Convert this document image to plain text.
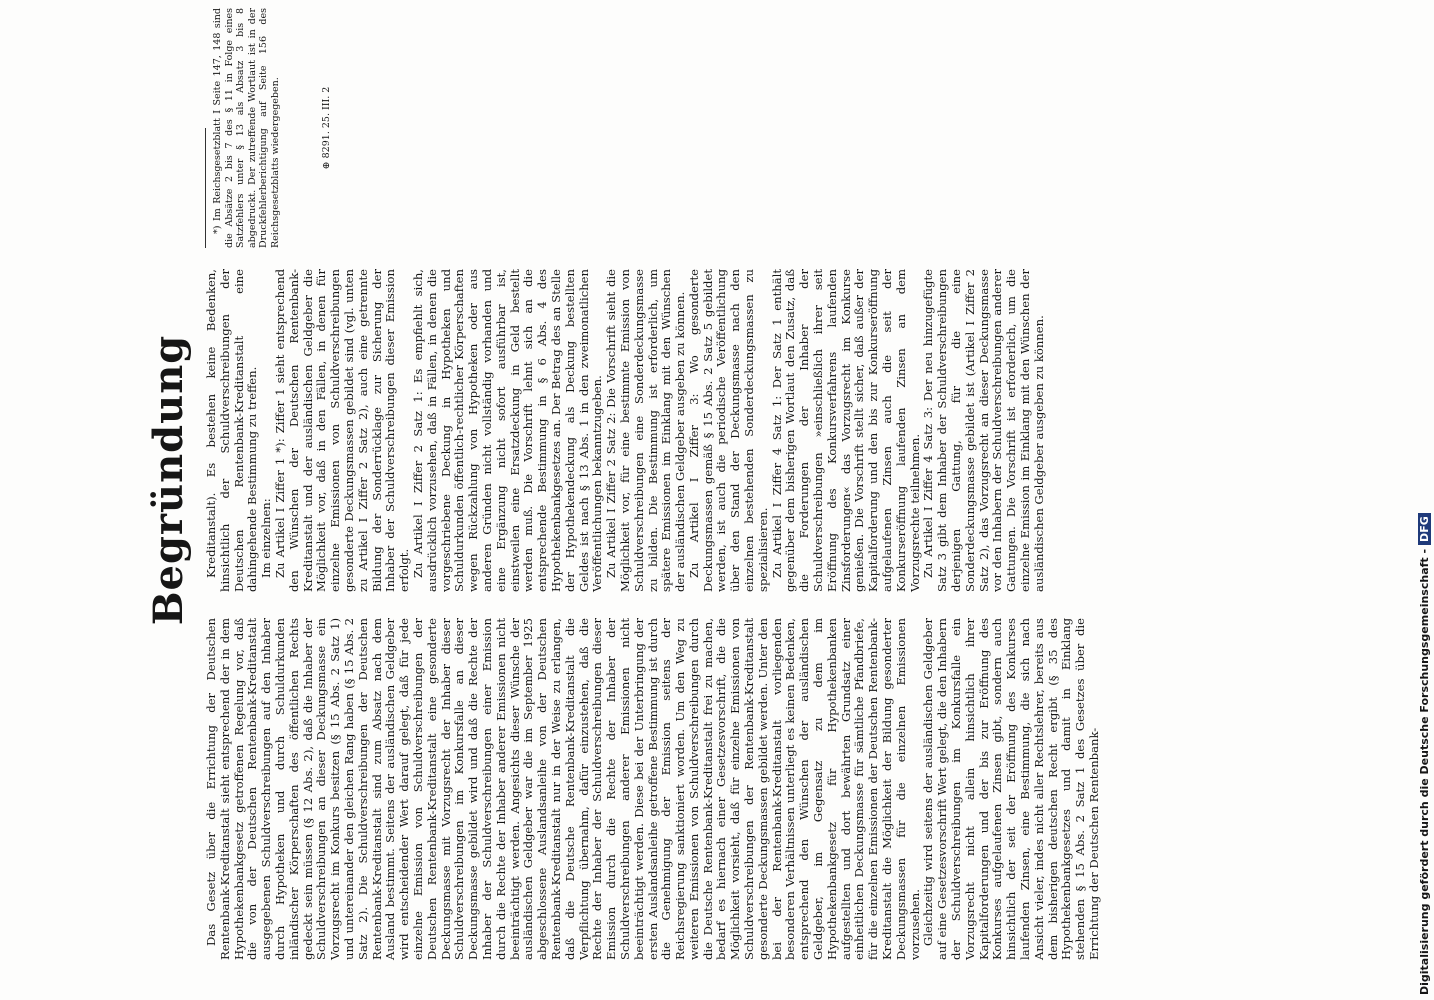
Begründung

Das Gesetz über die Errichtung der Deutschen Rentenbank-Kreditanstalt sieht entsprechend der in dem Hypothekenbankgesetz getroffenen Regelung vor, daß die von der Deutschen Rentenbank-Kreditanstalt ausgegebenen Schuldverschreibungen auf den Inhaber durch Hypotheken und durch Schuldurkunden inländischer Körperschaften des öffentlichen Rechts gedeckt sein müssen (§ 12 Abs. 2), daß die Inhaber der Schuldverschreibungen an dieser Deckungsmasse ein Vorzugsrecht im Konkurs besitzen (§ 15 Abs. 2 Satz 1) und untereinander den gleichen Rang haben (§ 15 Abs. 2 Satz 2). Die Schuldverschreibungen der Deutschen Rentenbank-Kreditanstalt sind zum Absatz nach dem Ausland bestimmt. Seitens der ausländischen Geldgeber wird entscheidender Wert darauf gelegt, daß für jede einzelne Emission von Schuldverschreibungen der Deutschen Rentenbank-Kreditanstalt eine gesonderte Deckungsmasse mit Vorzugsrecht der Inhaber dieser Schuldverschreibungen im Konkursfalle an dieser Deckungsmasse gebildet wird und daß die Rechte der Inhaber der Schuldverschreibungen einer Emission durch die Rechte der Inhaber anderer Emissionen nicht beeinträchtigt werden. Angesichts dieser Wünsche der ausländischen Geldgeber war die im September 1925 abgeschlossene Auslandsanleihe von der Deutschen Rentenbank-Kreditanstalt nur in der Weise zu erlangen, daß die Deutsche Rentenbank-Kreditanstalt die Verpflichtung übernahm, dafür einzustehen, daß die Rechte der Inhaber der Schuldverschreibungen dieser Emission durch die Rechte der Inhaber der Schuldverschreibungen anderer Emissionen nicht beeinträchtigt werden. Diese bei der Unterbringung der ersten Auslandsanleihe getroffene Bestimmung ist durch die Genehmigung der Emission seitens der Reichsregierung sanktioniert worden. Um den Weg zu weiteren Emissionen von Schuldverschreibungen durch die Deutsche Rentenbank-Kreditanstalt frei zu machen, bedarf es hiernach einer Gesetzesvorschrift, die die Möglichkeit vorsieht, daß für einzelne Emissionen von Schuldverschreibungen der Rentenbank-Kreditanstalt gesonderte Deckungsmassen gebildet werden. Unter den bei der Rentenbank-Kreditanstalt vorliegenden besonderen Verhältnissen unterliegt es keinen Bedenken, entsprechend den Wünschen der ausländischen Geldgeber, im Gegensatz zu dem im Hypothekenbankgesetz für Hypothekenbanken aufgestellten und dort bewährten Grundsatz einer einheitlichen Deckungsmasse für sämtliche Pfandbriefe, für die einzelnen Emissionen der Deutschen Rentenbank-Kreditanstalt die Möglichkeit der Bildung gesonderter Deckungsmassen für die einzelnen Emissionen vorzusehen. Gleichzeitig wird seitens der ausländischen Geldgeber auf eine Gesetzesvorschrift Wert gelegt, die den Inhabern der Schuldverschreibungen im Konkursfalle ein Vorzugsrecht nicht allein hinsichtlich ihrer Kapitalforderungen und der bis zur Eröffnung des Konkurses aufgelaufenen Zinsen gibt, sondern auch hinsichtlich der seit der Eröffnung des Konkurses laufenden Zinsen, eine Bestimmung, die sich nach Ansicht vieler, indes nicht aller Rechtslehrer, bereits aus dem bisherigen deutschen Recht ergibt (§ 35 des Hypothekenbankgesetzes und damit in Einklang stehenden § 15 Abs. 2 Satz 1 des Gesetzes über die Errichtung der Deutschen Rentenbank-

Kreditanstalt). Es bestehen keine Bedenken, hinsichtlich der Schuldverschreibungen der Deutschen Rentenbank-Kreditanstalt eine dahingehende Bestimmung zu treffen. Im einzelnen: Zu Artikel I Ziffer 1 *): Ziffer 1 sieht entsprechend den Wünschen der Deutschen Rentenbank-Kreditanstalt und der ausländischen Geldgeber die Möglichkeit vor, daß in den Fällen, in denen für einzelne Emissionen von Schuldverschreibungen gesonderte Deckungsmassen gebildet sind (vgl. unten zu Artikel I Ziffer 2 Satz 2), auch eine getrennte Bildung der Sonderrücklage zur Sicherung der Inhaber der Schuldverschreibungen dieser Emission erfolgt. Zu Artikel I Ziffer 2 Satz 1: Es empfiehlt sich, ausdrücklich vorzusehen, daß in Fällen, in denen die vorgeschriebene Deckung in Hypotheken und Schuldurkunden öffentlich-rechtlicher Körperschaften wegen Rückzahlung von Hypotheken oder aus anderen Gründen nicht vollständig vorhanden und eine Ergänzung nicht sofort ausführbar ist, einstweilen eine Ersatzdeckung in Geld bestellt werden muß. Die Vorschrift lehnt sich an die entsprechende Bestimmung in § 6 Abs. 4 des Hypothekenbankgesetzes an. Der Betrag des an Stelle der Hypothekendeckung als Deckung bestellten Geldes ist nach § 13 Abs. 1 in den zweimonatlichen Veröffentlichungen bekanntzugeben. Zu Artikel I Ziffer 2 Satz 2: Die Vorschrift sieht die Möglichkeit vor, für eine bestimmte Emission von Schuldverschreibungen eine Sonderdeckungsmasse zu bilden. Die Bestimmung ist erforderlich, um spätere Emissionen im Einklang mit den Wünschen der ausländischen Geldgeber ausgeben zu können. Zu Artikel I Ziffer 3: Wo gesonderte Deckungsmassen gemäß § 15 Abs. 2 Satz 5 gebildet werden, ist auch die periodische Veröffentlichung über den Stand der Deckungsmasse nach den einzelnen bestehenden Sonderdeckungsmassen zu spezialisieren. Zu Artikel I Ziffer 4 Satz 1: Der Satz 1 enthält gegenüber dem bisherigen Wortlaut den Zusatz, daß die Forderungen der Inhaber der Schuldverschreibungen »einschließlich ihrer seit Eröffnung des Konkursverfahrens laufenden Zinsforderungen« das Vorzugsrecht im Konkurse genießen. Die Vorschrift stellt sicher, daß außer der Kapitalforderung und den bis zur Konkurseröffnung aufgelaufenen Zinsen auch die seit der Konkurseröffnung laufenden Zinsen an dem Vorzugsrechte teilnehmen. Zu Artikel I Ziffer 4 Satz 3: Der neu hinzugefügte Satz 3 gibt dem Inhaber der Schuldverschreibungen derjenigen Gattung, für die eine Sonderdeckungsmasse gebildet ist (Artikel I Ziffer 2 Satz 2), das Vorzugsrecht an dieser Deckungsmasse vor den Inhabern der Schuldverschreibungen anderer Gattungen. Die Vorschrift ist erforderlich, um die einzelne Emission im Einklang mit den Wünschen der ausländischen Geldgeber ausgeben zu können.

*) Im Reichsgesetzblatt I Seite 147, 148 sind die Absätze 2 bis 7 des § 11 in Folge eines Satzfehlers unter § 13 als Absatz 3 bis 8 abgedruckt. Der zutreffende Wortlaut ist in der Druckfehlerberichtigung auf Seite 156 des Reichsgesetzblatts wiedergegeben.	⊕ 8291. 25. III. 2
Digitalisierung gefördert durch die Deutsche Forschungsgemeinschaft -DFG
